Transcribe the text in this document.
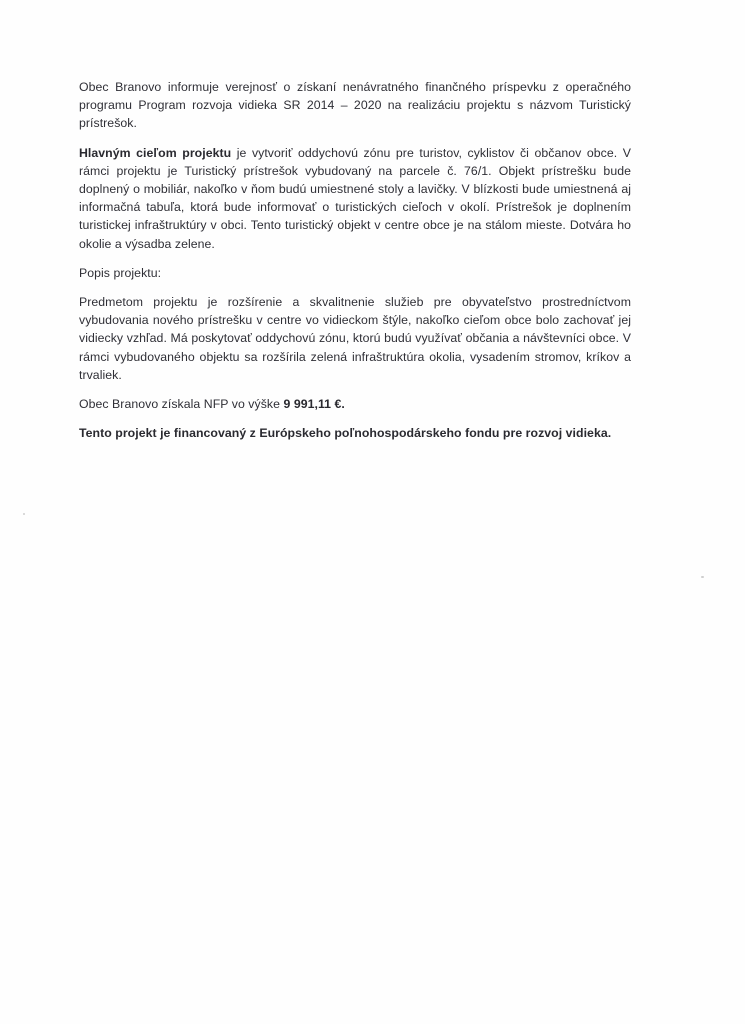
Obec Branovo informuje verejnosť o získaní nenávratného finančného príspevku z operačného programu Program rozvoja vidieka SR 2014 – 2020 na realizáciu projektu s názvom Turistický prístrešok.

Hlavným cieľom projektu je vytvoriť oddychovú zónu pre turistov, cyklistov či občanov obce. V rámci projektu je Turistický prístrešok vybudovaný na parcele č. 76/1. Objekt prístrešku bude doplnený o mobiliár, nakoľko v ňom budú umiestnené stoly a lavičky. V blízkosti bude umiestnená aj informačná tabuľa, ktorá bude informovať o turistických cieľoch v okolí. Prístrešok je doplnením turistickej infraštruktúry v obci. Tento turistický objekt v centre obce je na stálom mieste. Dotvára ho okolie a výsadba zelene.

Popis projektu:

Predmetom projektu je rozšírenie a skvalitnenie služieb pre obyvateľstvo prostredníctvom vybudovania nového prístrešku v centre vo vidieckom štýle, nakoľko cieľom obce bolo zachovať jej vidiecky vzhľad. Má poskytovať oddychovú zónu, ktorú budú využívať občania a návštevníci obce. V rámci vybudovaného objektu sa rozšírila zelená infraštruktúra okolia, vysadením stromov, kríkov a trvaliek.

Obec Branovo získala NFP vo výške 9 991,11 €.

Tento projekt je financovaný z Európskeho poľnohospodárskeho fondu pre rozvoj vidieka.
